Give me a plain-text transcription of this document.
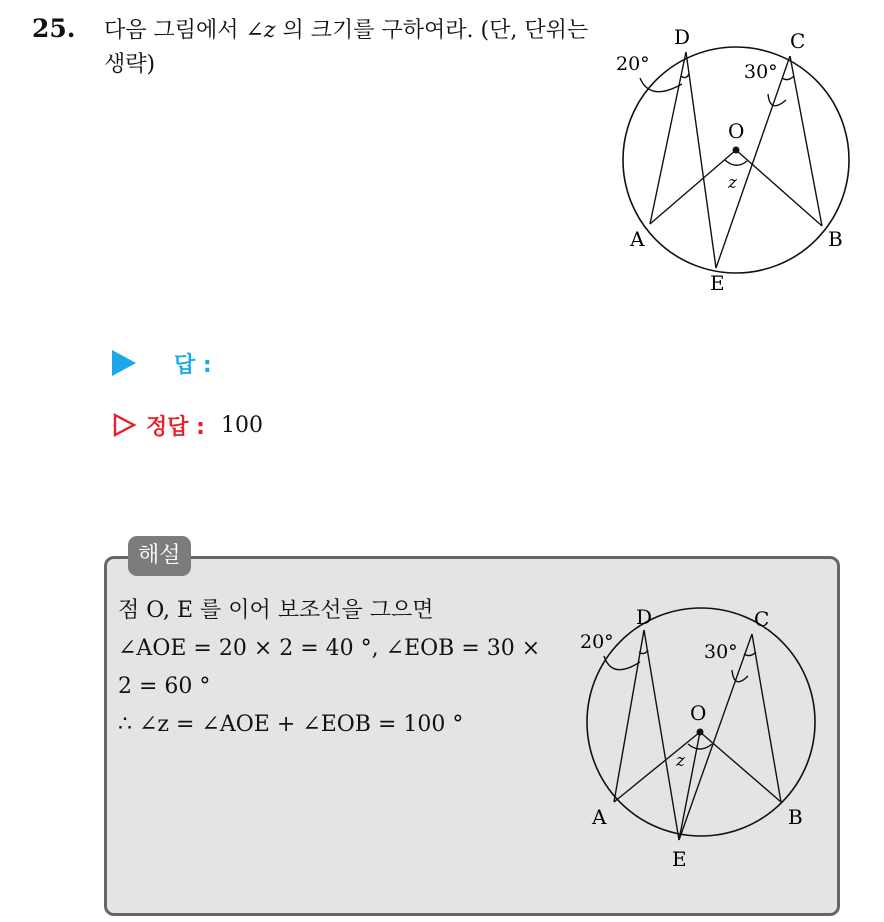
25. 다음 그림에서 ∠z 의 크기를 구하여라. (단, 단위는 생략)
D	C
O
A	B
E
z
20°	30°
답 :
정답 : 100
해설
점 O, E 를 이어 보조선을 그으면
∠AOE = 20 × 2 = 40 °, ∠EOB = 30 ×
2 = 60 °
∴ ∠z = ∠AOE + ∠EOB = 100 °
D	C
O
A	B
E
z
20°	30°
